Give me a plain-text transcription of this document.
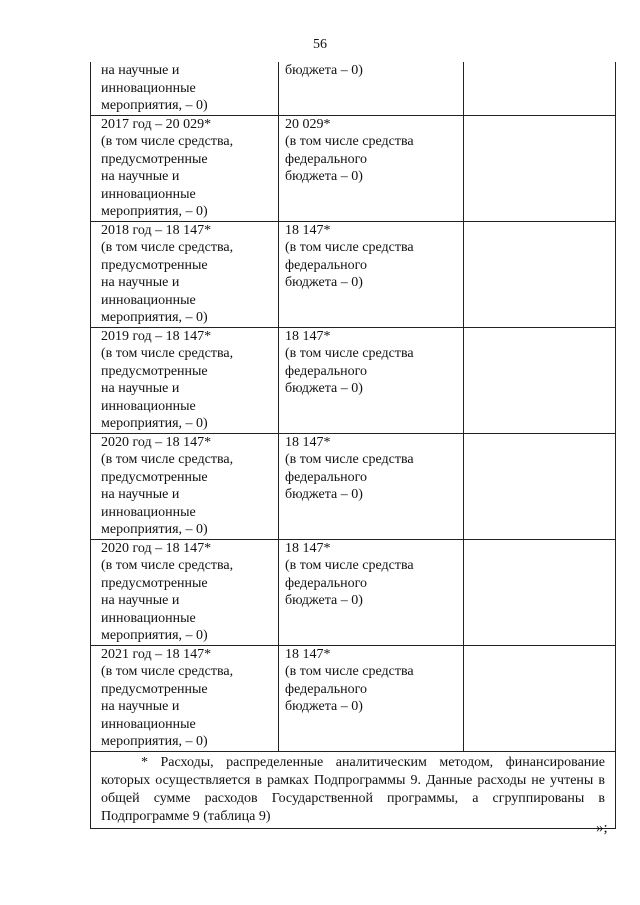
56
на научные и
инновационные
мероприятия, – 0)
бюджета – 0)
2017 год – 20 029*
(в том числе средства,
предусмотренные
на научные и
инновационные
мероприятия, – 0)
20 029*
(в том числе средства
федерального
бюджета – 0)
2018 год – 18 147*
(в том числе средства,
предусмотренные
на научные и
инновационные
мероприятия, – 0)
18 147*
(в том числе средства
федерального
бюджета – 0)
2019 год – 18 147*
(в том числе средства,
предусмотренные
на научные и
инновационные
мероприятия, – 0)
18 147*
(в том числе средства
федерального
бюджета – 0)
2020 год – 18 147*
(в том числе средства,
предусмотренные
на научные и
инновационные
мероприятия, – 0)
18 147*
(в том числе средства
федерального
бюджета – 0)
2020 год – 18 147*
(в том числе средства,
предусмотренные
на научные и
инновационные
мероприятия, – 0)
18 147*
(в том числе средства
федерального
бюджета – 0)
2021 год – 18 147*
(в том числе средства,
предусмотренные
на научные и
инновационные
мероприятия, – 0)
18 147*
(в том числе средства
федерального
бюджета – 0)

* Расходы, распределенные аналитическим методом, финансирование которых осуществляется в рамках Подпрограммы 9. Данные расходы не учтены в общей сумме расходов Государственной программы, а сгруппированы в Подпрограмме 9 (таблица 9)

»;
